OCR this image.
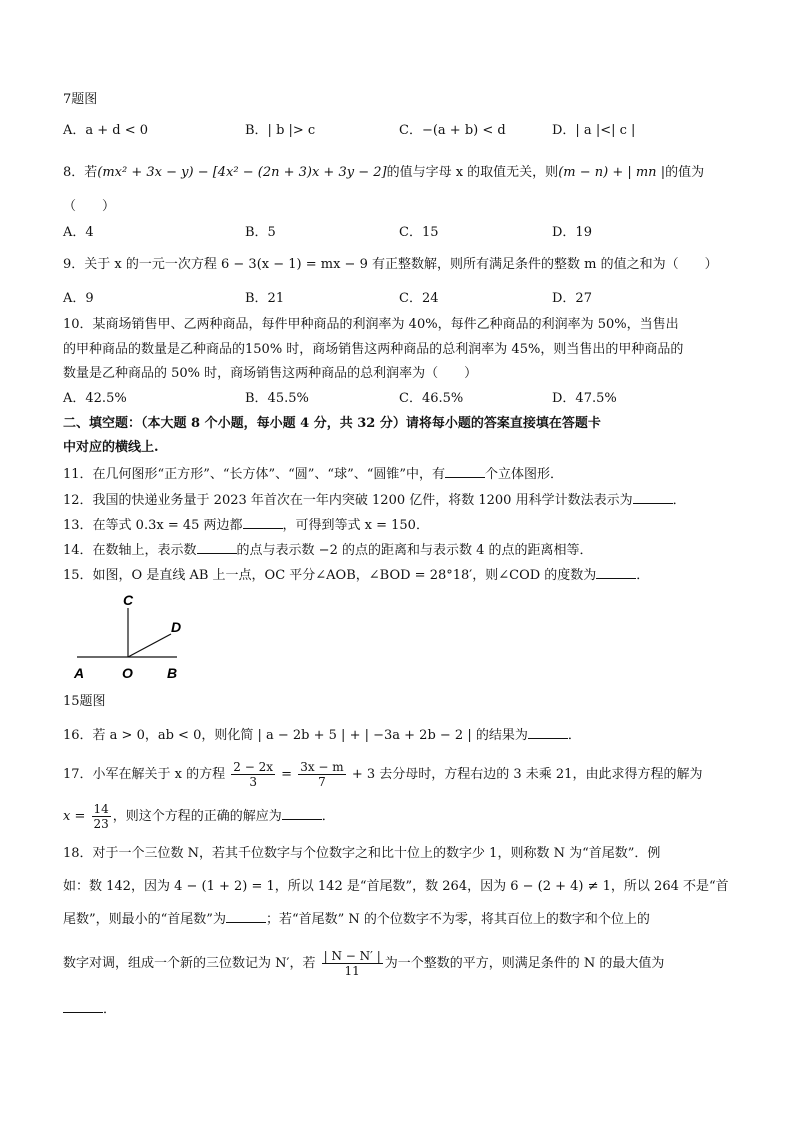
7题图
A．a + d < 0	B．| b |> c	C．−(a + b) < d	D．| a |<| c |
8．若(mx² + 3x − y) − [4x² − (2n + 3)x + 3y − 2]的值与字母 x 的取值无关，则(m − n) + | mn |的值为
（　　）
A．4	B．5	C．15	D．19
9．关于 x 的一元一次方程 6 − 3(x − 1) = mx − 9 有正整数解，则所有满足条件的整数 m 的值之和为（　　）
A．9	B．21	C．24	D．27
10．某商场销售甲、乙两种商品，每件甲种商品的利润率为 40%，每件乙种商品的利润率为 50%，当售出
的甲种商品的数量是乙种商品的150% 时，商场销售这两种商品的总利润率为 45%，则当售出的甲种商品的
数量是乙种商品的 50% 时，商场销售这两种商品的总利润率为（　　）
A．42.5%	B．45.5%	C．46.5%	D．47.5%
二、填空题：（本大题 8 个小题，每小题 4 分，共 32 分）请将每小题的答案直接填在答题卡
中对应的横线上.
11．在几何图形“正方形”、“长方体”、“圆”、“球”、“圆锥”中，有	个立体图形．
12．我国的快递业务量于 2023 年首次在一年内突破 1200 亿件，将数 1200 用科学计数法表示为	．
13．在等式 0.3x = 45 两边都	，可得到等式 x = 150．
14．在数轴上，表示数	的点与表示数 −2 的点的距离和与表示数 4 的点的距离相等．
15．如图，O 是直线 AB 上一点，OC 平分∠AOB，∠BOD = 28°18′，则∠COD 的度数为	．
A	O B
C
D
15题图
16．若 a > 0，ab < 0，则化简 | a − 2b + 5 | + | −3a + 2b − 2 | 的结果为	．
17．小军在解关于 x 的方程 $\frac{2 - 2x}{3} = \frac{3x - m}{7} + 3$ 去分母时，方程右边的 3 未乘 21，由此求得方程的解为
$x = \frac{14}{23}$ ，则这个方程的正确的解应为	．
18．对于一个三位数 N，若其千位数字与个位数字之和比十位上的数字少 1，则称数 N 为“首尾数”．例
如：数 142，因为 4 − (1 + 2) = 1，所以 142 是“首尾数”，数 264，因为 6 − (2 + 4) ≠ 1，所以 264 不是“首
尾数”，则最小的“首尾数”为	；若“首尾数” N 的个位数字不为零，将其百位上的数字和个位上的
数字对调，组成一个新的三位数记为 N′，若 $\frac{| N - N' |}{11}$ 为一个整数的平方，则满足条件的 N 的最大值为
．
